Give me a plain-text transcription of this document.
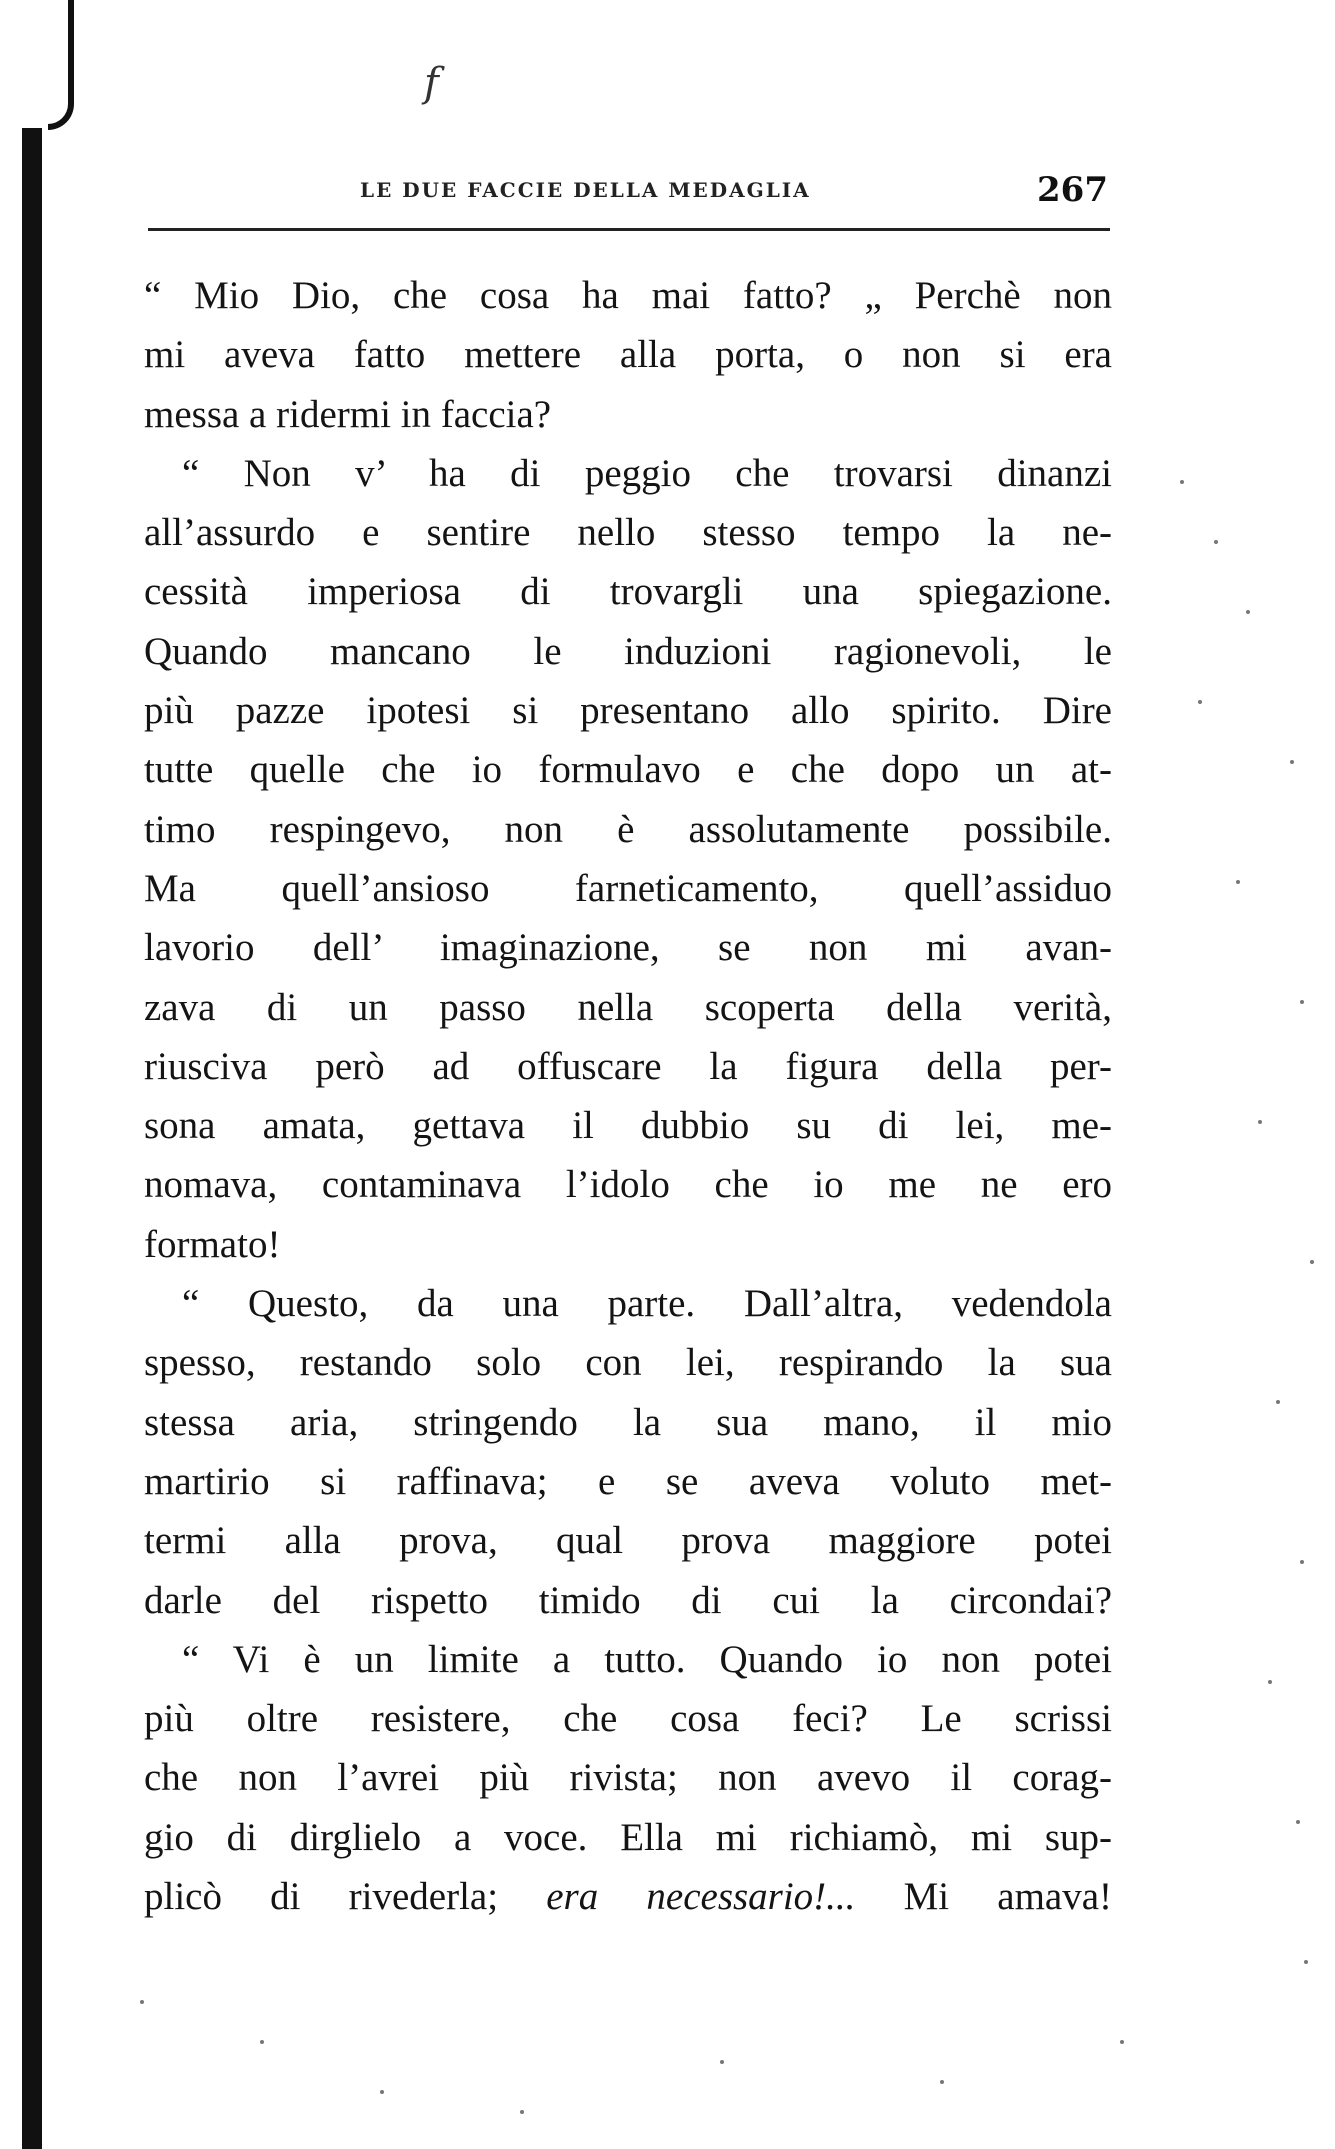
f
LE DUE FACCIE DELLA MEDAGLIA	267
“ Mio Dio, che cosa ha mai fatto? „ Perchè non
mi aveva fatto mettere alla porta, o non si era
messa a ridermi in faccia?
“ Non v’ ha di peggio che trovarsi dinanzi
all’assurdo e sentire nello stesso tempo la ne-
cessità imperiosa di trovargli una spiegazione.
Quando mancano le induzioni ragionevoli, le
più pazze ipotesi si presentano allo spirito. Dire
tutte quelle che io formulavo e che dopo un at-
timo respingevo, non è assolutamente possibile.
Ma quell’ansioso farneticamento, quell’assiduo
lavorio dell’ imaginazione, se non mi avan-
zava di un passo nella scoperta della verità,
riusciva però ad offuscare la figura della per-
sona amata, gettava il dubbio su di lei, me-
nomava, contaminava l’idolo che io me ne ero
formato!
“ Questo, da una parte. Dall’altra, vedendola
spesso, restando solo con lei, respirando la sua
stessa aria, stringendo la sua mano, il mio
martirio si raffinava; e se aveva voluto met-
termi alla prova, qual prova maggiore potei
darle del rispetto timido di cui la circondai?
“ Vi è un limite a tutto. Quando io non potei
più oltre resistere, che cosa feci? Le scrissi
che non l’avrei più rivista; non avevo il corag-
gio di dirglielo a voce. Ella mi richiamò, mi sup-
plicò di rivederla; era necessario!... Mi amava!
